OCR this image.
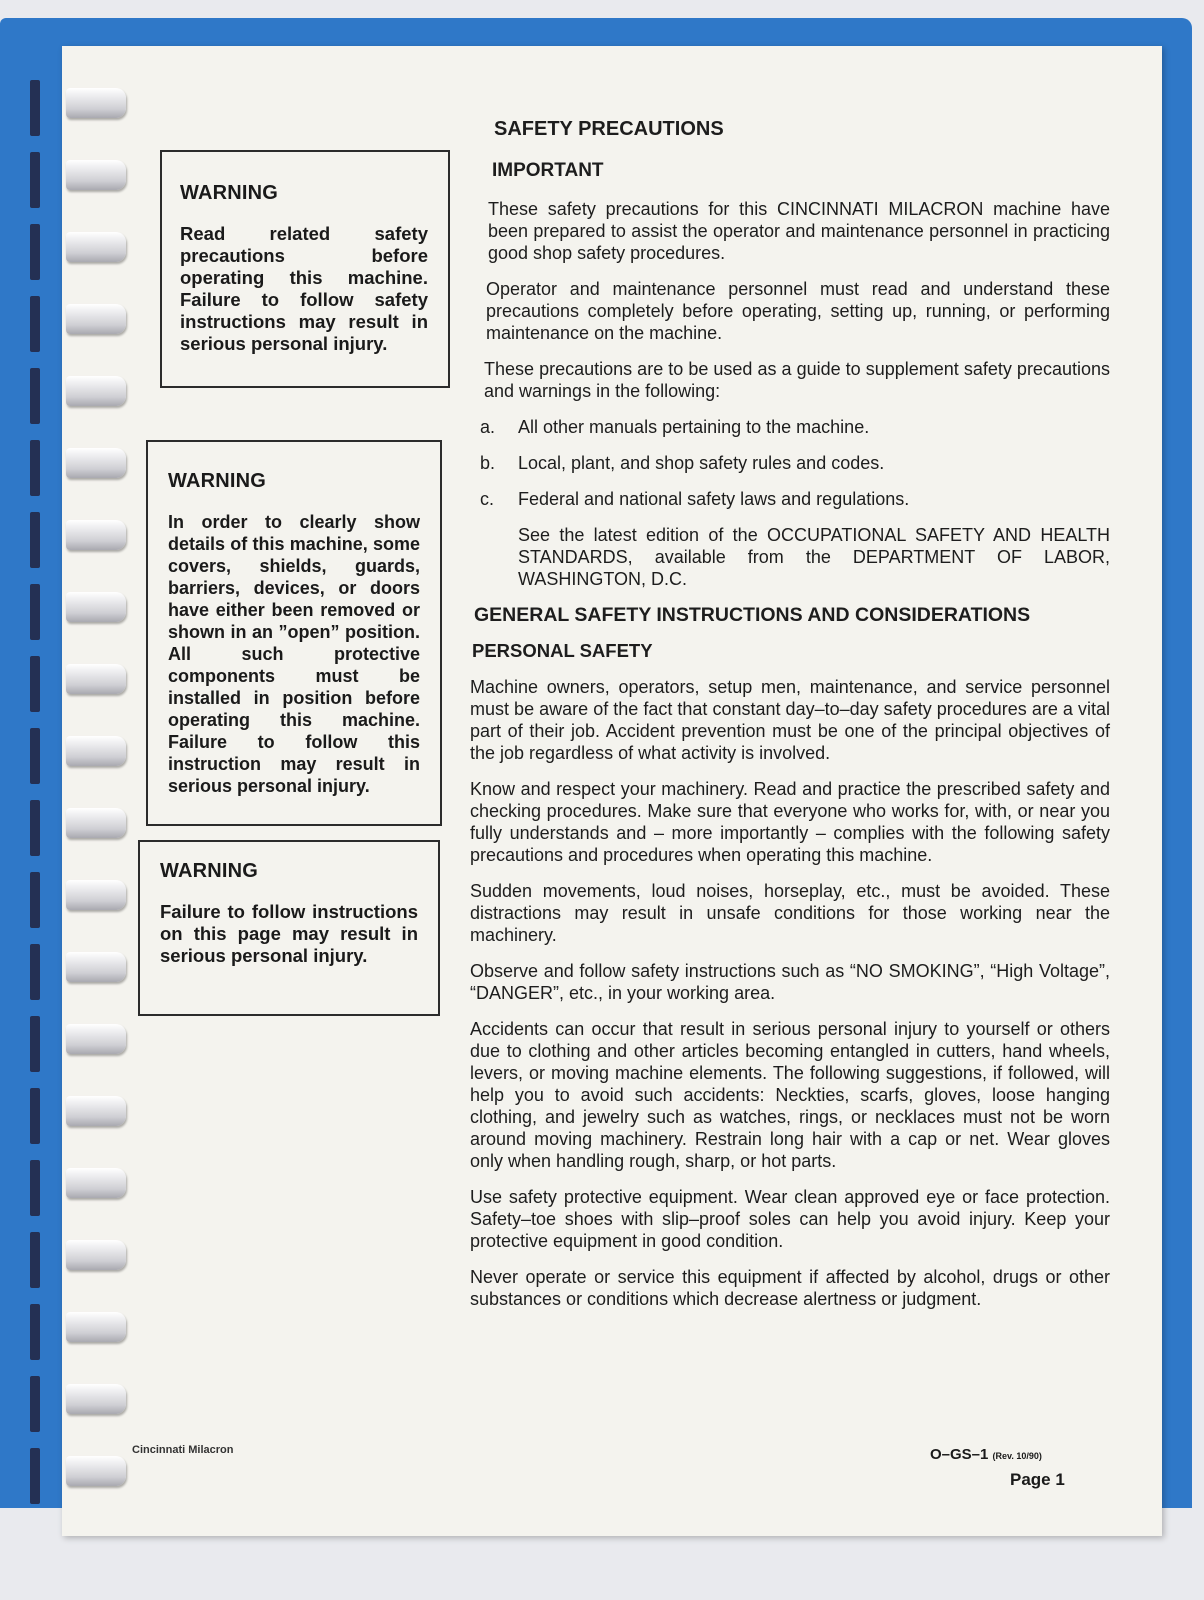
WARNING
Read related safety precautions before operating this machine. Failure to follow safety instructions may result in serious personal injury.
WARNING
In order to clearly show details of this machine, some covers, shields, guards, barriers, devices, or doors have either been removed or shown in an ”open” position. All such protective components must be installed in position before operating this machine. Failure to follow this instruction may result in serious personal injury.
WARNING
Failure to follow instructions on this page may result in serious personal injury.
SAFETY PRECAUTIONS
IMPORTANT

These safety precautions for this CINCINNATI MILACRON machine have been prepared to assist the operator and maintenance personnel in practicing good shop safety procedures.

Operator and maintenance personnel must read and understand these precautions completely before operating, setting up, running, or performing maintenance on the machine.

These precautions are to be used as a guide to supplement safety precautions and warnings in the following:

a.	All other manuals pertaining to the machine.
b.	Local, plant, and shop safety rules and codes.
c.	Federal and national safety laws and regulations.

See the latest edition of the OCCUPATIONAL SAFETY AND HEALTH STANDARDS, available from the DEPARTMENT OF LABOR, WASHINGTON, D.C.

GENERAL SAFETY INSTRUCTIONS AND CONSIDERATIONS
PERSONAL SAFETY

Machine owners, operators, setup men, maintenance, and service personnel must be aware of the fact that constant day–to–day safety procedures are a vital part of their job. Accident prevention must be one of the principal objectives of the job regardless of what activity is involved.

Know and respect your machinery. Read and practice the prescribed safety and checking procedures. Make sure that everyone who works for, with, or near you fully understands and – more importantly – complies with the following safety precautions and procedures when operating this machine.

Sudden movements, loud noises, horseplay, etc., must be avoided. These distractions may result in unsafe conditions for those working near the machinery.

Observe and follow safety instructions such as “NO SMOKING”, “High Voltage”, “DANGER”, etc., in your working area.

Accidents can occur that result in serious personal injury to yourself or others due to clothing and other articles becoming entangled in cutters, hand wheels, levers, or moving machine elements. The following suggestions, if followed, will help you to avoid such accidents: Neckties, scarfs, gloves, loose hanging clothing, and jewelry such as watches, rings, or necklaces must not be worn around moving machinery. Restrain long hair with a cap or net. Wear gloves only when handling rough, sharp, or hot parts.

Use safety protective equipment. Wear clean approved eye or face protection. Safety–toe shoes with slip–proof soles can help you avoid injury. Keep your protective equipment in good condition.

Never operate or service this equipment if affected by alcohol, drugs or other substances or conditions which decrease alertness or judgment.

Cincinnati Milacron	O–GS–1 (Rev. 10/90)
Page 1
